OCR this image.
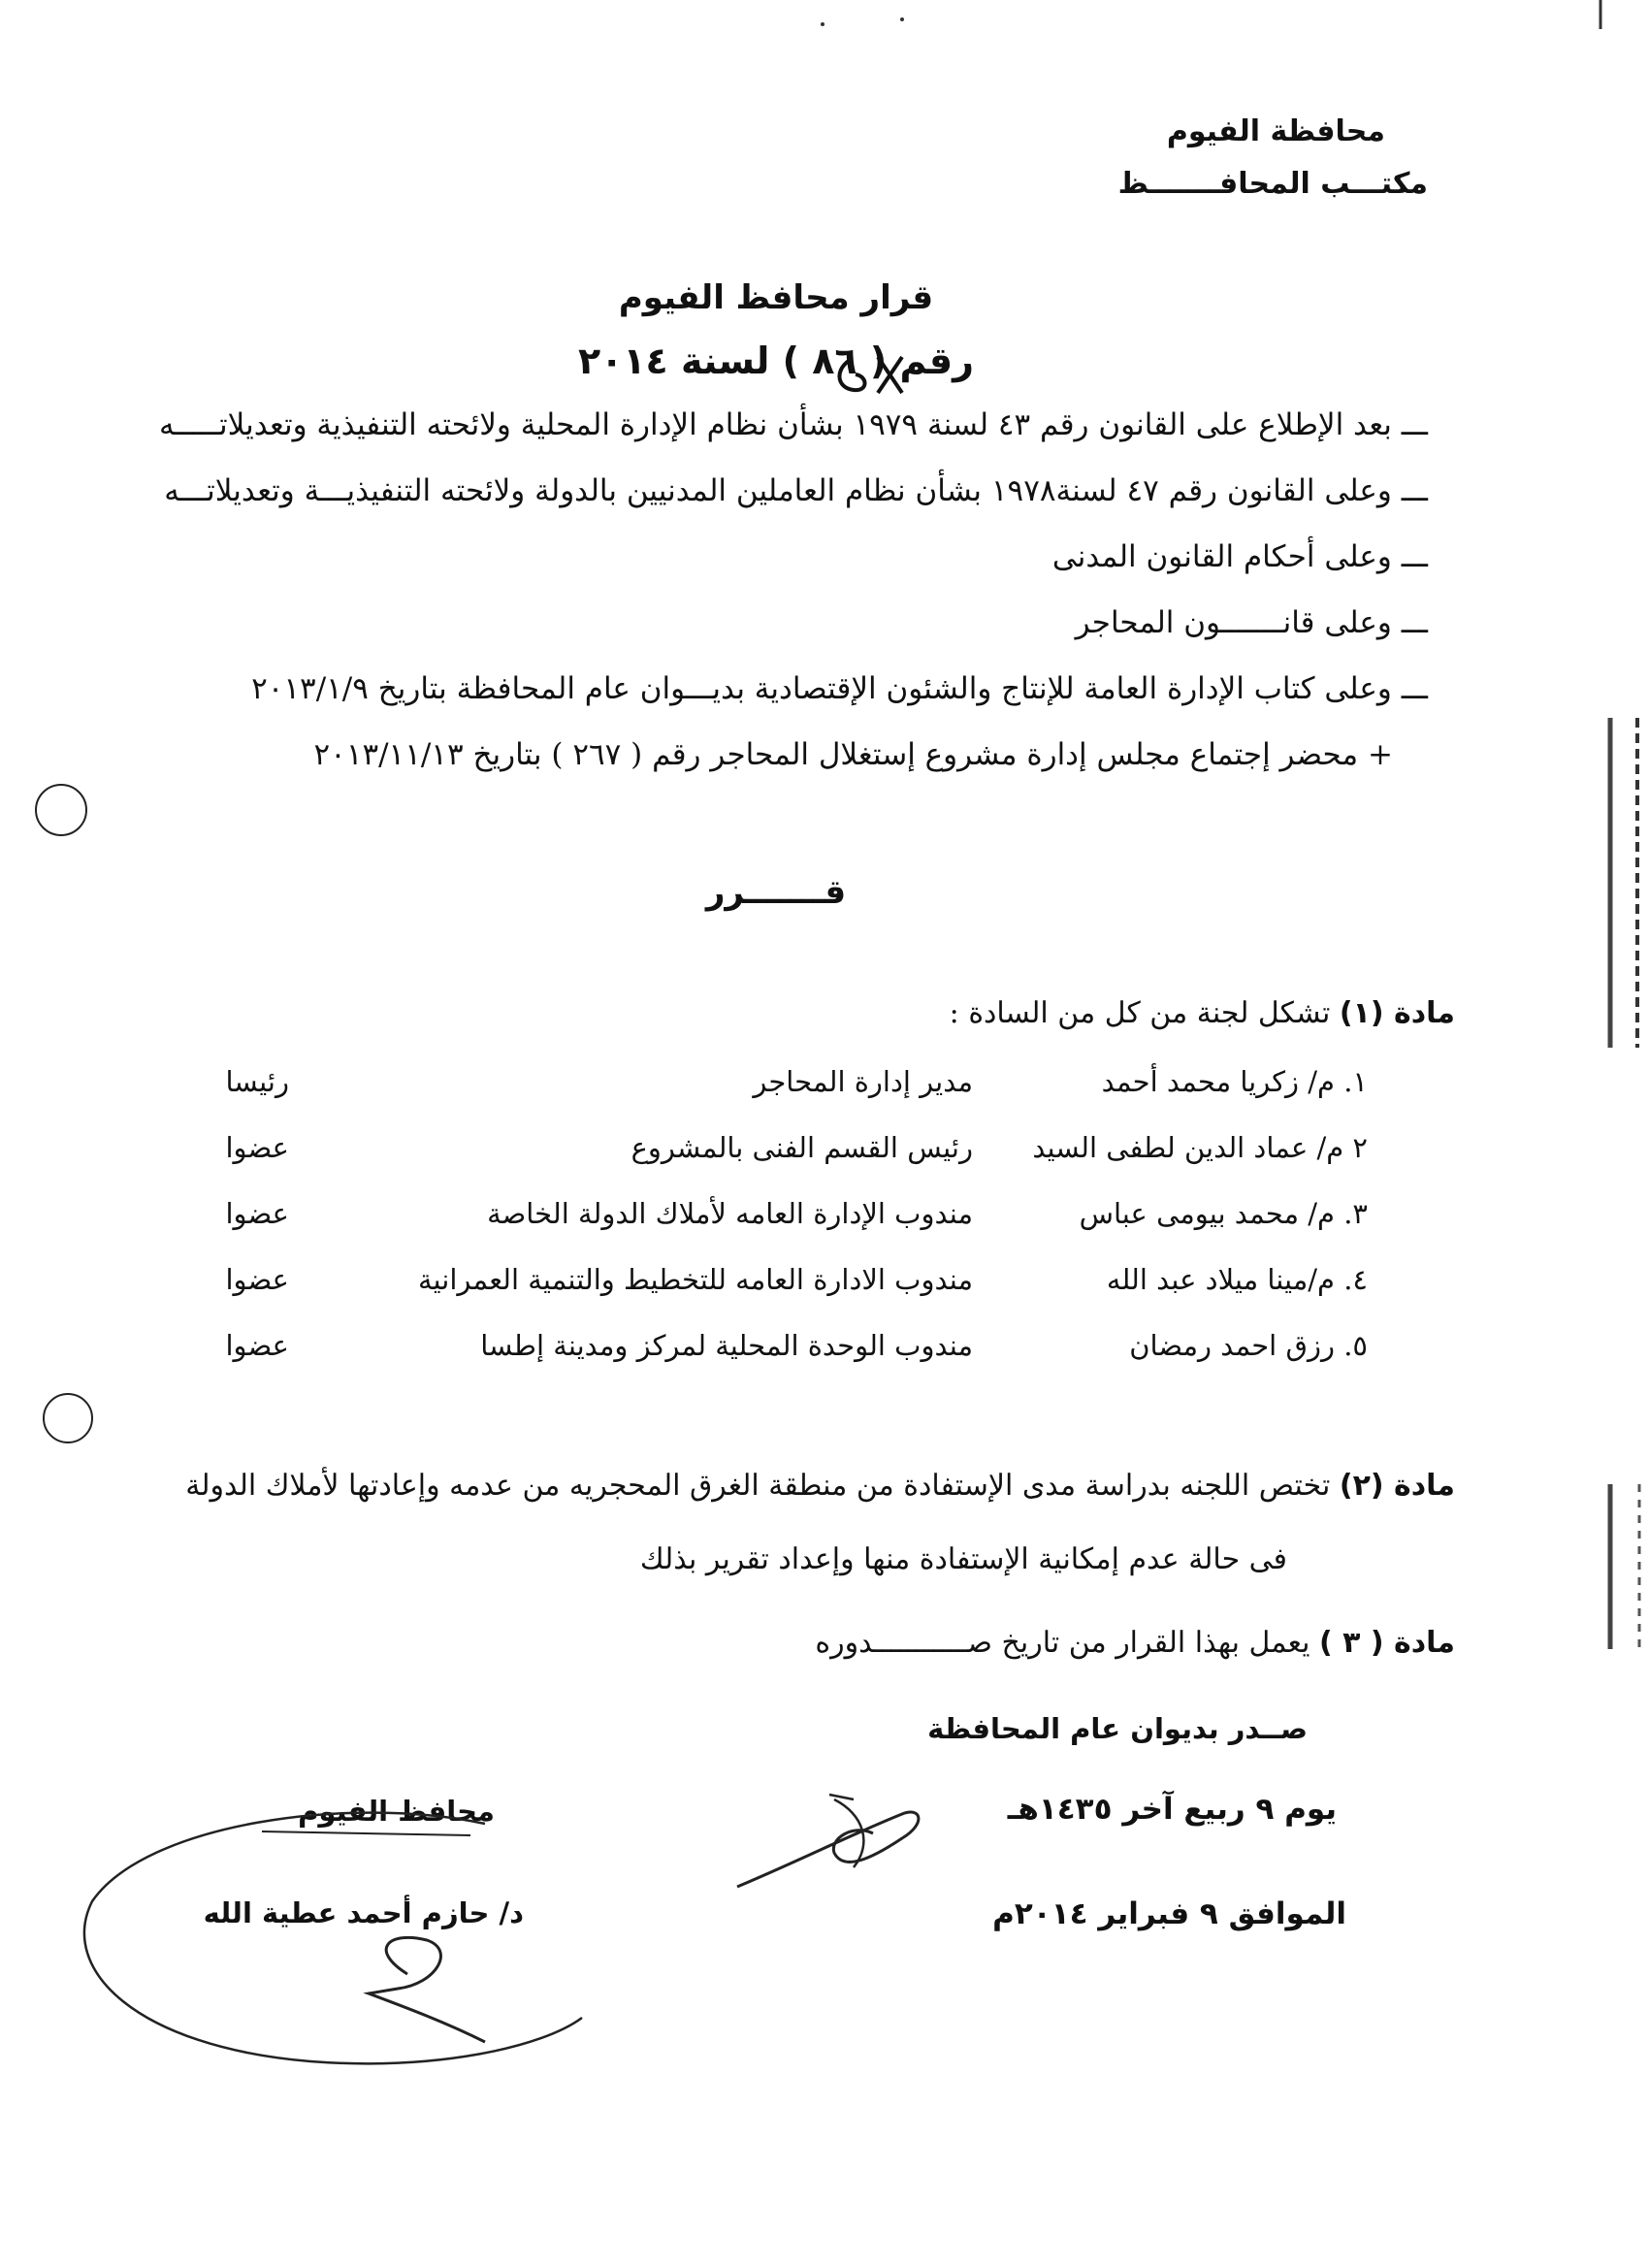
محافظة الفيوم
مكتـــب المحافـــــــظ
قرار محافظ الفيوم
رقم ( ٨٦ ) لسنة ٢٠١٤
ـــ بعد الإطلاع على القانون رقم ٤٣ لسنة ١٩٧٩ بشأن نظام الإدارة المحلية ولائحته التنفيذية وتعديلاتـــــه
ـــ وعلى القانون رقم ٤٧ لسنة١٩٧٨ بشأن نظام العاملين المدنيين بالدولة ولائحته التنفيذيـــة وتعديلاتـــه
ـــ وعلى أحكام القانون المدنى
ـــ وعلى قانـــــــون المحاجر
ـــ وعلى كتاب الإدارة العامة للإنتاج والشئون الإقتصادية بديـــوان عام المحافظة بتاريخ ٢٠١٣/١/٩
+ محضر إجتماع مجلس إدارة مشروع إستغلال المحاجر رقم ( ٢٦٧ ) بتاريخ ٢٠١٣/١١/١٣
قـــــــرر
مادة (١) تشكل لجنة من كل من السادة :
١. م/ زكريا محمد أحمد
مدير إدارة المحاجر
رئيسا
٢ م/ عماد الدين لطفى السيد
رئيس القسم الفنى بالمشروع
عضوا
٣. م/ محمد بيومى عباس
مندوب الإدارة العامه لأملاك الدولة الخاصة
عضوا
٤. م/مينا ميلاد عبد الله
مندوب الادارة العامه للتخطيط والتنمية العمرانية
عضوا
٥. رزق احمد رمضان
مندوب الوحدة المحلية لمركز ومدينة إطسا
عضوا
مادة (٢) تختص اللجنه بدراسة مدى الإستفادة من منطقة الغرق المحجريه من عدمه وإعادتها لأملاك الدولة
فى حالة عدم إمكانية الإستفادة منها وإعداد تقرير بذلك
مادة ( ٣ ) يعمل بهذا القرار من تاريخ صـــــــــــدوره
صــدر بديوان عام المحافظة
يوم ٩ ربيع آخر ١٤٣٥هـ
الموافق ٩ فبراير ٢٠١٤م
محافظ الفيوم
د/ حازم أحمد عطية الله
